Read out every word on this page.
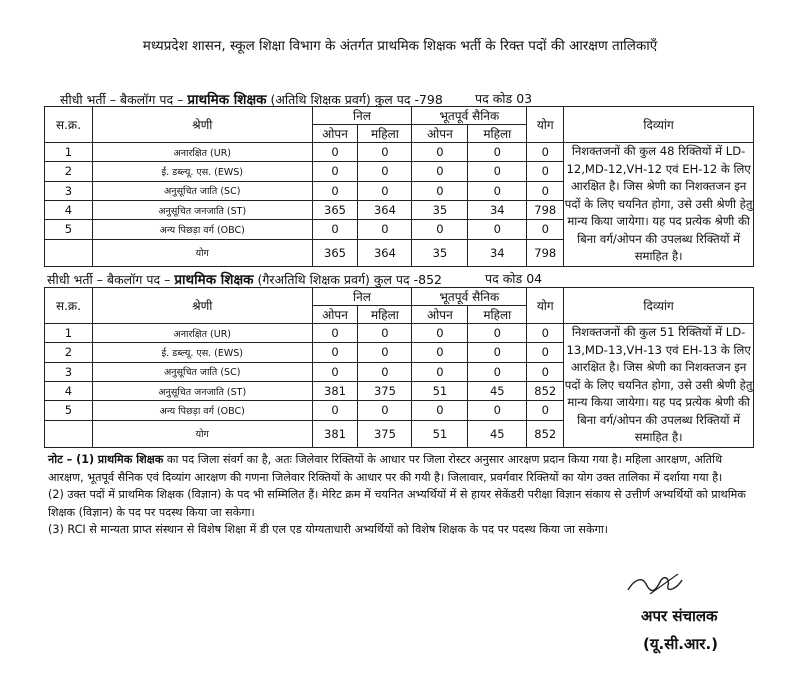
मध्यप्रदेश शासन, स्कूल शिक्षा विभाग के अंतर्गत प्राथमिक शिक्षक भर्ती के रिक्त पदों की आरक्षण तालिकाएँ
सीधी भर्ती – बैकलॉग पद – प्राथमिक शिक्षक (अतिथि शिक्षक प्रवर्ग) कुल पद -798	पद कोड 03
स.क्र.	श्रेणी	निल		भूतपूर्व सैनिक		योग	दिव्यांग
		ओपन	महिला	ओपन	महिला		
1	अनारक्षित (UR)	0	0	0	0	0	निशक्तजनों की कुल 48 रिक्तियों में LD-12,MD-12,VH-12 एवं EH-12 के लिए आरक्षित है। जिस श्रेणी का निशक्तजन इन पदों के लिए चयनित होगा, उसे उसी श्रेणी हेतु मान्य किया जायेगा। यह पद प्रत्येक श्रेणी की बिना वर्ग/ओपन की उपलब्ध रिक्तियों में समाहित है।
2	ई. डब्ल्यू. एस. (EWS)	0	0	0	0	0	
3	अनुसूचित जाति (SC)	0	0	0	0	0	
4	अनुसूचित जनजाति (ST)	365	364	35	34	798	
5	अन्य पिछड़ा वर्ग (OBC)	0	0	0	0	0	
	योग	365	364	35	34	798	
सीधी भर्ती – बैकलॉग पद – प्राथमिक शिक्षक (गैरअतिथि शिक्षक प्रवर्ग) कुल पद -852	पद कोड 04
स.क्र.	श्रेणी	निल		भूतपूर्व सैनिक		योग	दिव्यांग
		ओपन	महिला	ओपन	महिला		
1	अनारक्षित (UR)	0	0	0	0	0	निशक्तजनों की कुल 51 रिक्तियों में LD-13,MD-13,VH-13 एवं EH-13 के लिए आरक्षित है। जिस श्रेणी का निशक्तजन इन पदों के लिए चयनित होगा, उसे उसी श्रेणी हेतु मान्य किया जायेगा। यह पद प्रत्येक श्रेणी की बिना वर्ग/ओपन की उपलब्ध रिक्तियों में समाहित है।
2	ई. डब्ल्यू. एस. (EWS)	0	0	0	0	0	
3	अनुसूचित जाति (SC)	0	0	0	0	0	
4	अनुसूचित जनजाति (ST)	381	375	51	45	852	
5	अन्य पिछड़ा वर्ग (OBC)	0	0	0	0	0	
	योग	381	375	51	45	852	

नोट – (1) प्राथमिक शिक्षक का पद जिला संवर्ग का है, अतः जिलेवार रिक्तियों के आधार पर जिला रोस्टर अनुसार आरक्षण प्रदान किया गया है। महिला आरक्षण, अतिथि आरक्षण, भूतपूर्व सैनिक एवं दिव्यांग आरक्षण की गणना जिलेवार रिक्तियों के आधार पर की गयी है। जिलावार, प्रवर्गवार रिक्तियों का योग उक्त तालिका में दर्शाया गया है।

(2) उक्त पदों में प्राथमिक शिक्षक (विज्ञान) के पद भी सम्मिलित हैं। मेरिट क्रम में चयनित अभ्यर्थियों में से हायर सेकेंडरी परीक्षा विज्ञान संकाय से उत्तीर्ण अभ्यर्थियों को प्राथमिक शिक्षक (विज्ञान) के पद पर पदस्थ किया जा सकेगा।

(3) RCI से मान्यता प्राप्त संस्थान से विशेष शिक्षा में डी एल एड योग्यताधारी अभ्यर्थियों को विशेष शिक्षक के पद पर पदस्थ किया जा सकेगा।

अपर संचालक
(यू.सी.आर.)
